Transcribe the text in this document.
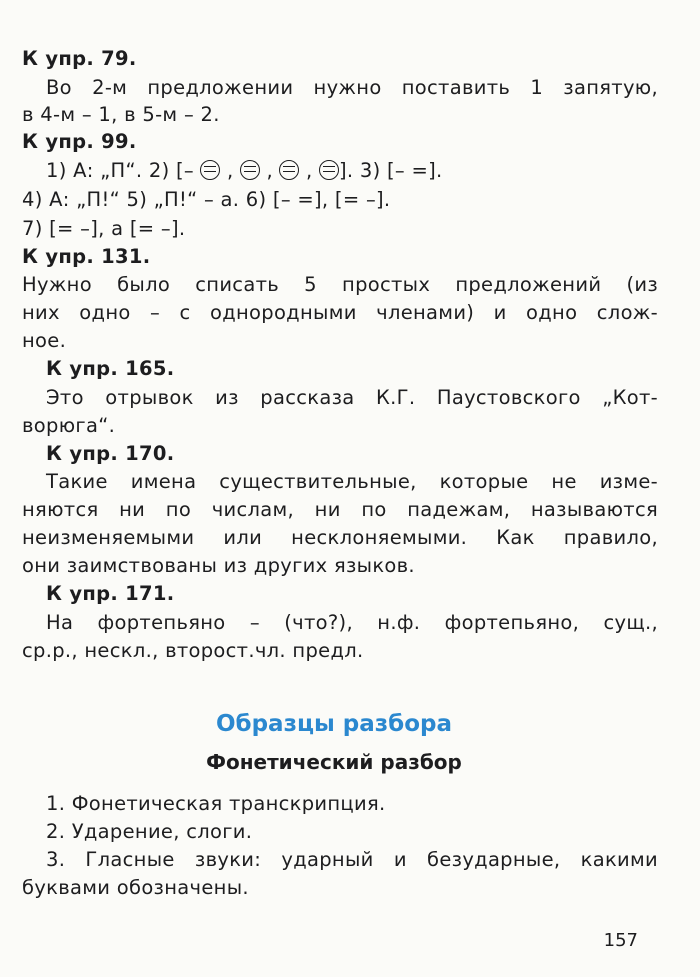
К упр. 79.
Во 2-м предложении нужно поставить 1 запятую,
в 4-м – 1, в 5-м – 2.
К упр. 99.
1) А: „П“. 2) [–  ,  ,  , ]. 3) [– =].
4) А: „П!“ 5) „П!“ – а. 6) [– =], [= –].
7) [= –], а [= –].
К упр. 131.
Нужно было списать 5 простых предложений (из
них одно – с однородными членами) и одно слож-
ное.
К упр. 165.
Это отрывок из рассказа К.Г. Паустовского „Кот-
ворюга“.
К упр. 170.
Такие имена существительные, которые не изме-
няются ни по числам, ни по падежам, называются
неизменяемыми или несклоняемыми. Как правило,
они заимствованы из других языков.
К упр. 171.
На фортепьяно – (что?), н.ф. фортепьяно, сущ.,
ср.р., нескл., второст.чл. предл.
Образцы разбора
Фонетический разбор
1. Фонетическая транскрипция.
2. Ударение, слоги.
3. Гласные звуки: ударный и безударные, какими
буквами обозначены.
157
